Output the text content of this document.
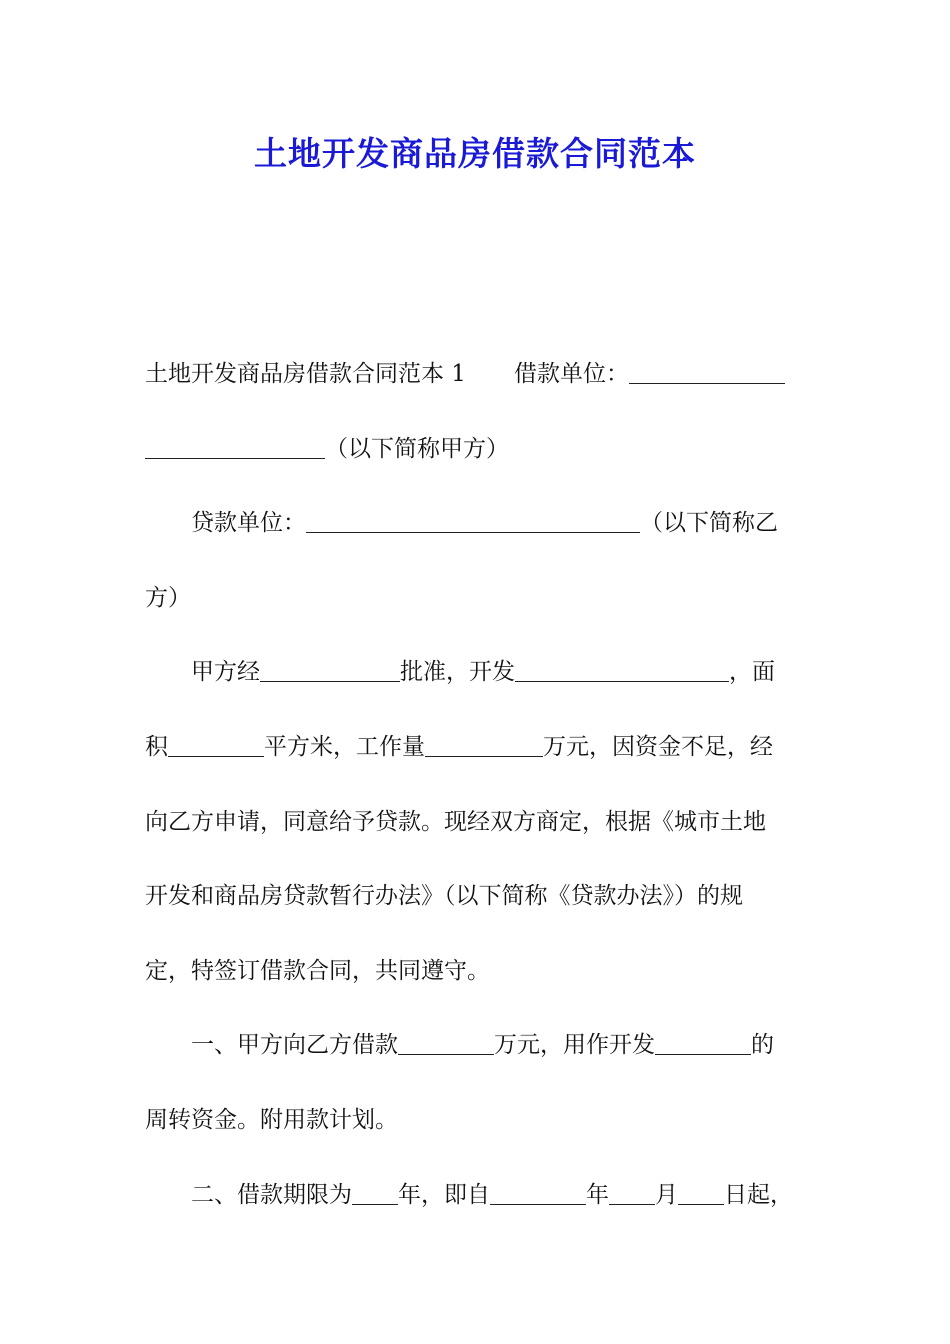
土地开发商品房借款合同范本

土地开发商品房借款合同范本 1 借款单位：

（以下简称甲方）

贷款单位：	（以下简称乙
方）

甲方经	批准，开发	，面
积	平方米，工作量	万元，因资金不足，经
向乙方申请，同意给予贷款。现经双方商定，根据《城市土地
开发和商品房贷款暂行办法》（以下简称《贷款办法》）的规
定，特签订借款合同，共同遵守。

一、甲方向乙方借款	万元，用作开发	的
周转资金。附用款计划。

二、借款期限为 年，即自	年 月 日起，
